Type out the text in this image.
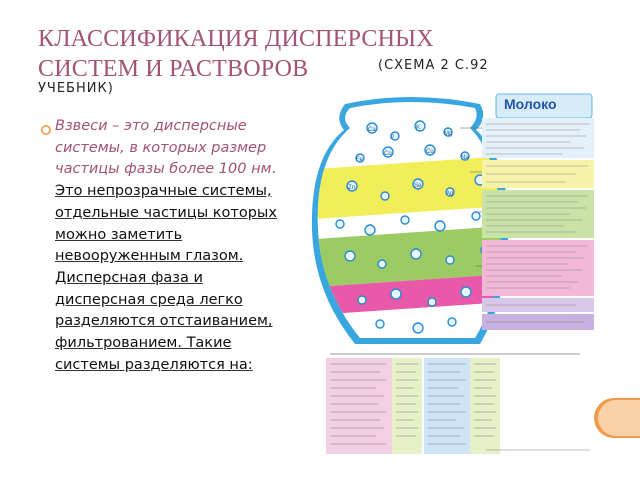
КЛАССИФИКАЦИЯ ДИСПЕРСНЫХ
СИСТЕМ И РАСТВОРОВ	(СХЕМА 2 С.92
УЧЕБНИК)
Взвеси – это дисперсные системы, в которых размер частицы фазы более 100 нм. Это непрозрачные системы, отдельные частицы которых можно заметить невооруженным глазом. Дисперсная фаза и дисперсная среда легко разделяются отстаиванием, фильтрованием. Такие системы разделяются на:
Ca
P
K
Mg
Fe
Co	Cu
Na
Zn	Se
Ag
Молоко
